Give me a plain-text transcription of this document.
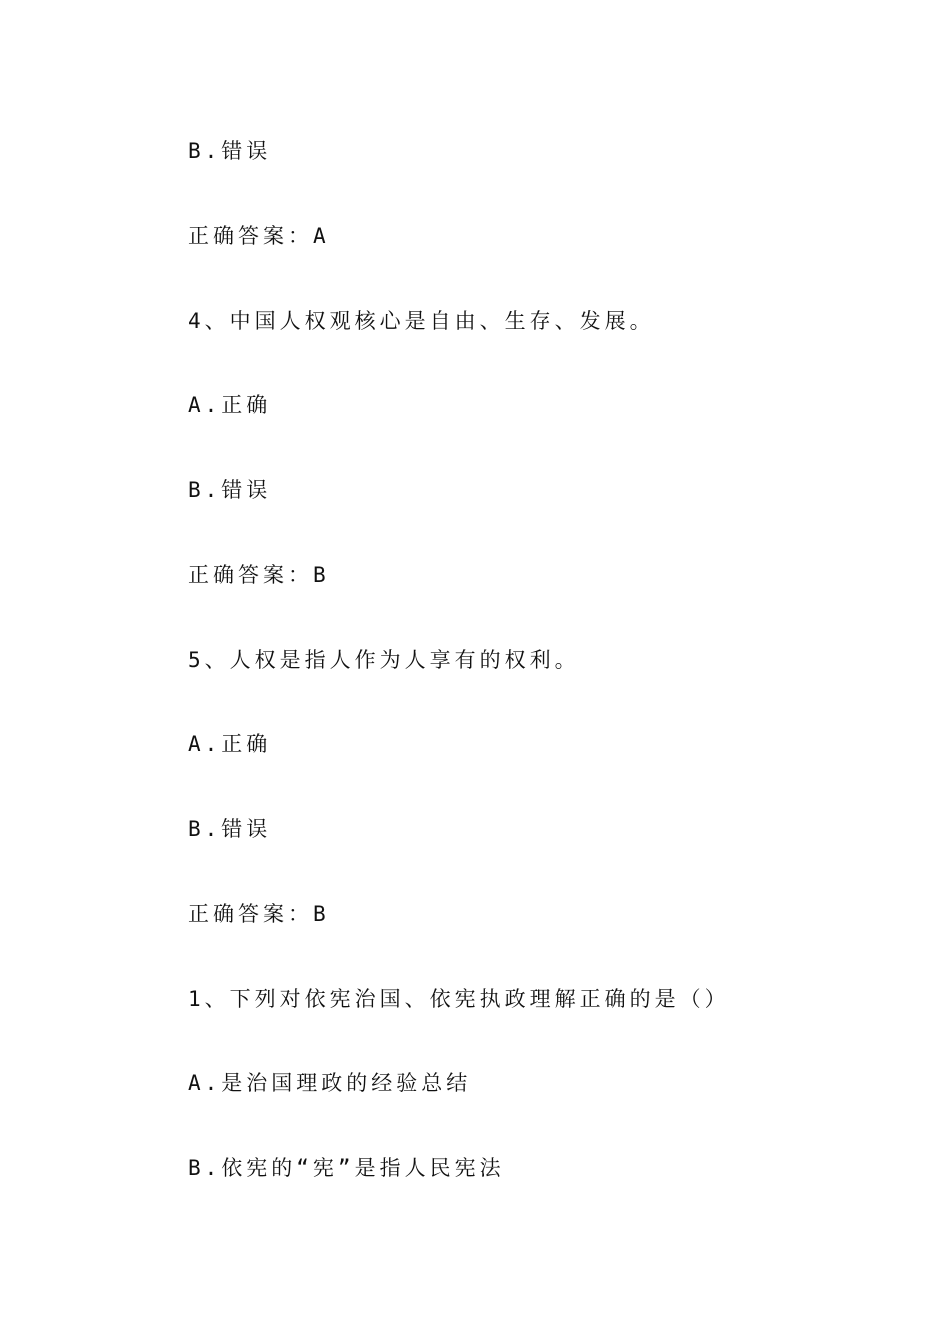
B.错误
正确答案：A
4、中国人权观核心是自由、生存、发展。
A.正确
B.错误
正确答案：B
5、人权是指人作为人享有的权利。
A.正确
B.错误
正确答案：B
1、下列对依宪治国、依宪执政理解正确的是（）
A.是治国理政的经验总结
B.依宪的“宪”是指人民宪法
